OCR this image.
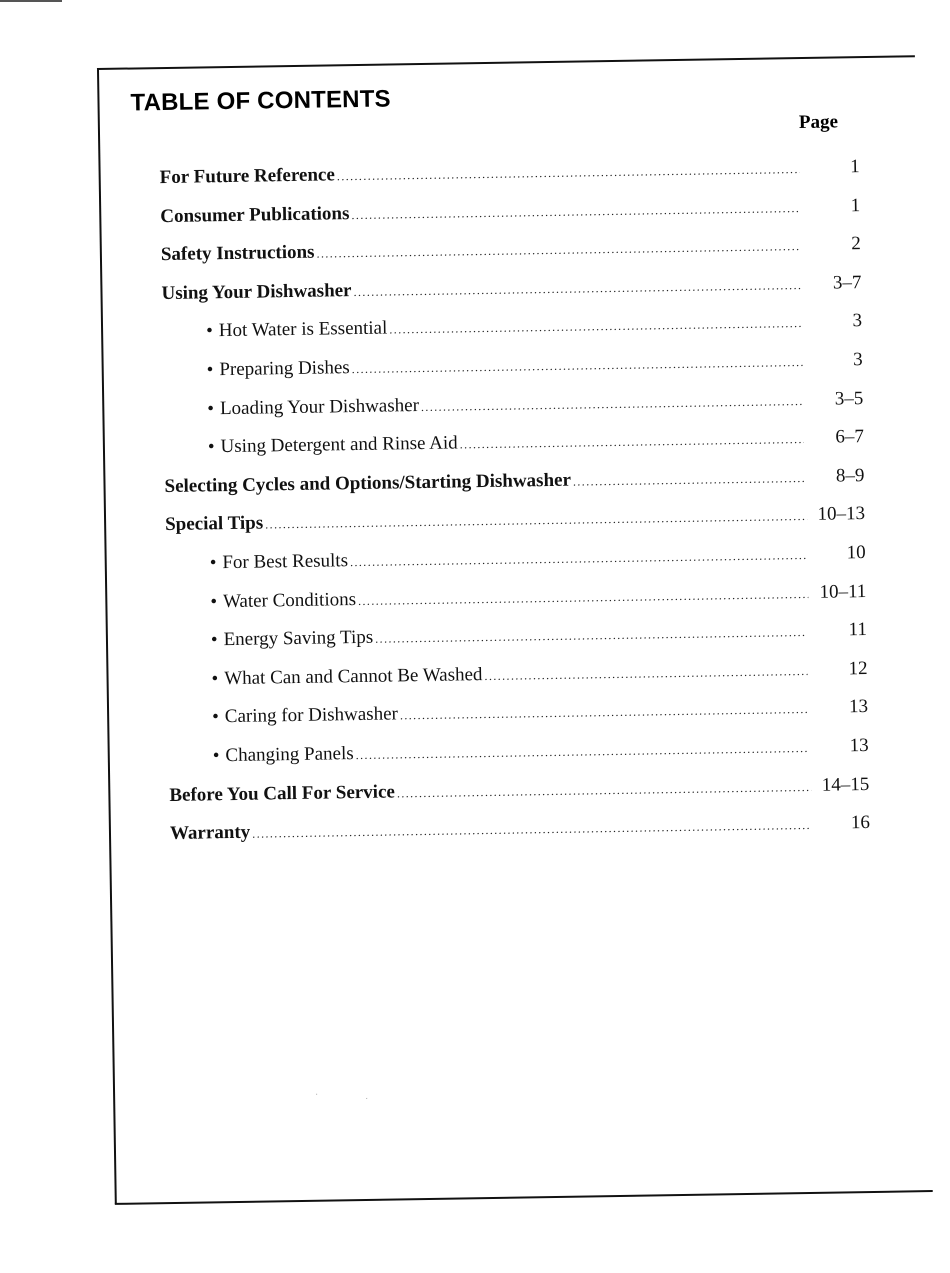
TABLE OF CONTENTS
Page
For Future Reference .....	1
Consumer Publications .....	1
Safety Instructions .....	2
Using Your Dishwasher .....	3–7
• Hot Water is Essential .....	3
• Preparing Dishes .....	3
• Loading Your Dishwasher .....	3–5
• Using Detergent and Rinse Aid .....	6–7
Selecting Cycles and Options/Starting Dishwasher .....	8–9
Special Tips .....	10–13
• For Best Results .....	10
• Water Conditions .....	10–11
• Energy Saving Tips .....	11
• What Can and Cannot Be Washed .....	12
• Caring for Dishwasher .....	13
• Changing Panels .....	13
Before You Call For Service .....	14–15
Warranty .....	16
